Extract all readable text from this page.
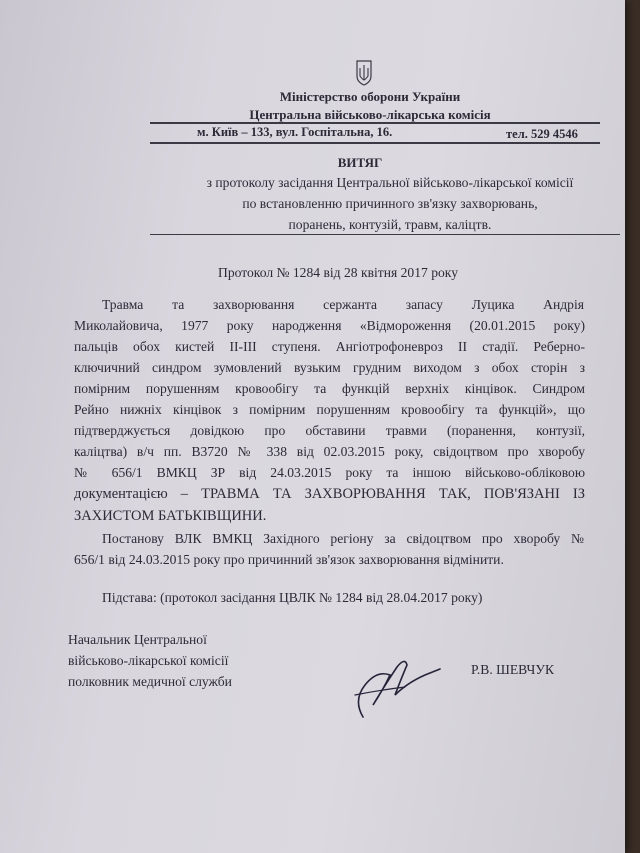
Міністерство оборони України
Центральна військово-лікарська комісія
м. Київ – 133, вул. Госпітальна, 16.	тел. 529 4546
ВИТЯГ
з протоколу засідання Центральної військово-лікарської комісії
по встановленню причинного зв'язку захворювань,
поранень, контузій, травм, каліцтв.
Протокол № 1284 від 28 квітня 2017 року
Травма та захворювання сержанта запасу Луцика Андрія
Миколайовича, 1977 року народження «Відмороження (20.01.2015 року)
пальців обох кистей ІІ-ІІІ ступеня. Ангіотрофоневроз ІІ стадії. Реберно-
ключичний синдром зумовлений вузьким грудним виходом з обох сторін з
помірним порушенням кровообігу та функцій верхніх кінцівок. Синдром
Рейно нижніх кінцівок з помірним порушенням кровообігу та функцій», що
підтверджується довідкою про обставини травми (поранення, контузії,
каліцтва) в/ч пп. В3720 № 338 від 02.03.2015 року, свідоцтвом про хворобу
№ 656/1 ВМКЦ ЗР від 24.03.2015 року та іншою військово-обліковою
документацією – ТРАВМА ТА ЗАХВОРЮВАННЯ ТАК, ПОВ'ЯЗАНІ ІЗ
ЗАХИСТОМ БАТЬКІВЩИНИ.
Постанову ВЛК ВМКЦ Західного регіону за свідоцтвом про хворобу №
656/1 від 24.03.2015 року про причинний зв'язок захворювання відмінити.
Підстава: (протокол засідання ЦВЛК № 1284 від 28.04.2017 року)
Начальник Центральної
військово-лікарської комісії
полковник медичної служби
Р.В. ШЕВЧУК
